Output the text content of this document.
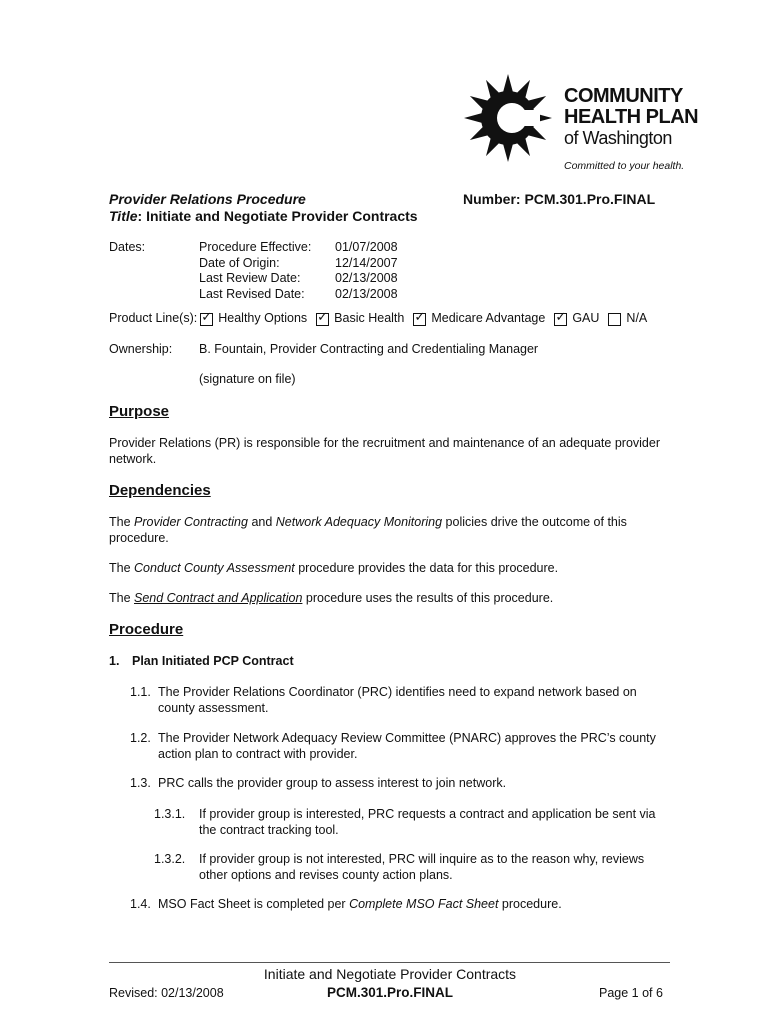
COMMUNITY
HEALTH PLAN
of Washington
Committed to your health.
Provider Relations Procedure	Number: PCM.301.Pro.FINAL
Title: Initiate and Negotiate Provider Contracts
Dates:	Procedure Effective:	01/07/2008
Date of Origin:	12/14/2007
Last Review Date:	02/13/2008
Last Revised Date:	02/13/2008
Product Line(s): ✓ Healthy Options ✓ Basic Health ✓ Medicare Advantage ✓ GAU N/A
Ownership: B. Fountain, Provider Contracting and Credentialing Manager
(signature on file)
Purpose
Provider Relations (PR) is responsible for the recruitment and maintenance of an adequate provider network.
Dependencies
The Provider Contracting and Network Adequacy Monitoring policies drive the outcome of this procedure.
The Conduct County Assessment procedure provides the data for this procedure.
The Send Contract and Application procedure uses the results of this procedure.
Procedure
1. Plan Initiated PCP Contract
1.1. The Provider Relations Coordinator (PRC) identifies need to expand network based on county assessment.
1.2. The Provider Network Adequacy Review Committee (PNARC) approves the PRC’s county action plan to contract with provider.
1.3. PRC calls the provider group to assess interest to join network.
1.3.1. If provider group is interested, PRC requests a contract and application be sent via the contract tracking tool.
1.3.2. If provider group is not interested, PRC will inquire as to the reason why, reviews other options and revises county action plans.
1.4. MSO Fact Sheet is completed per Complete MSO Fact Sheet procedure.
Initiate and Negotiate Provider Contracts
Revised: 02/13/2008	PCM.301.Pro.FINAL	Page 1 of 6
